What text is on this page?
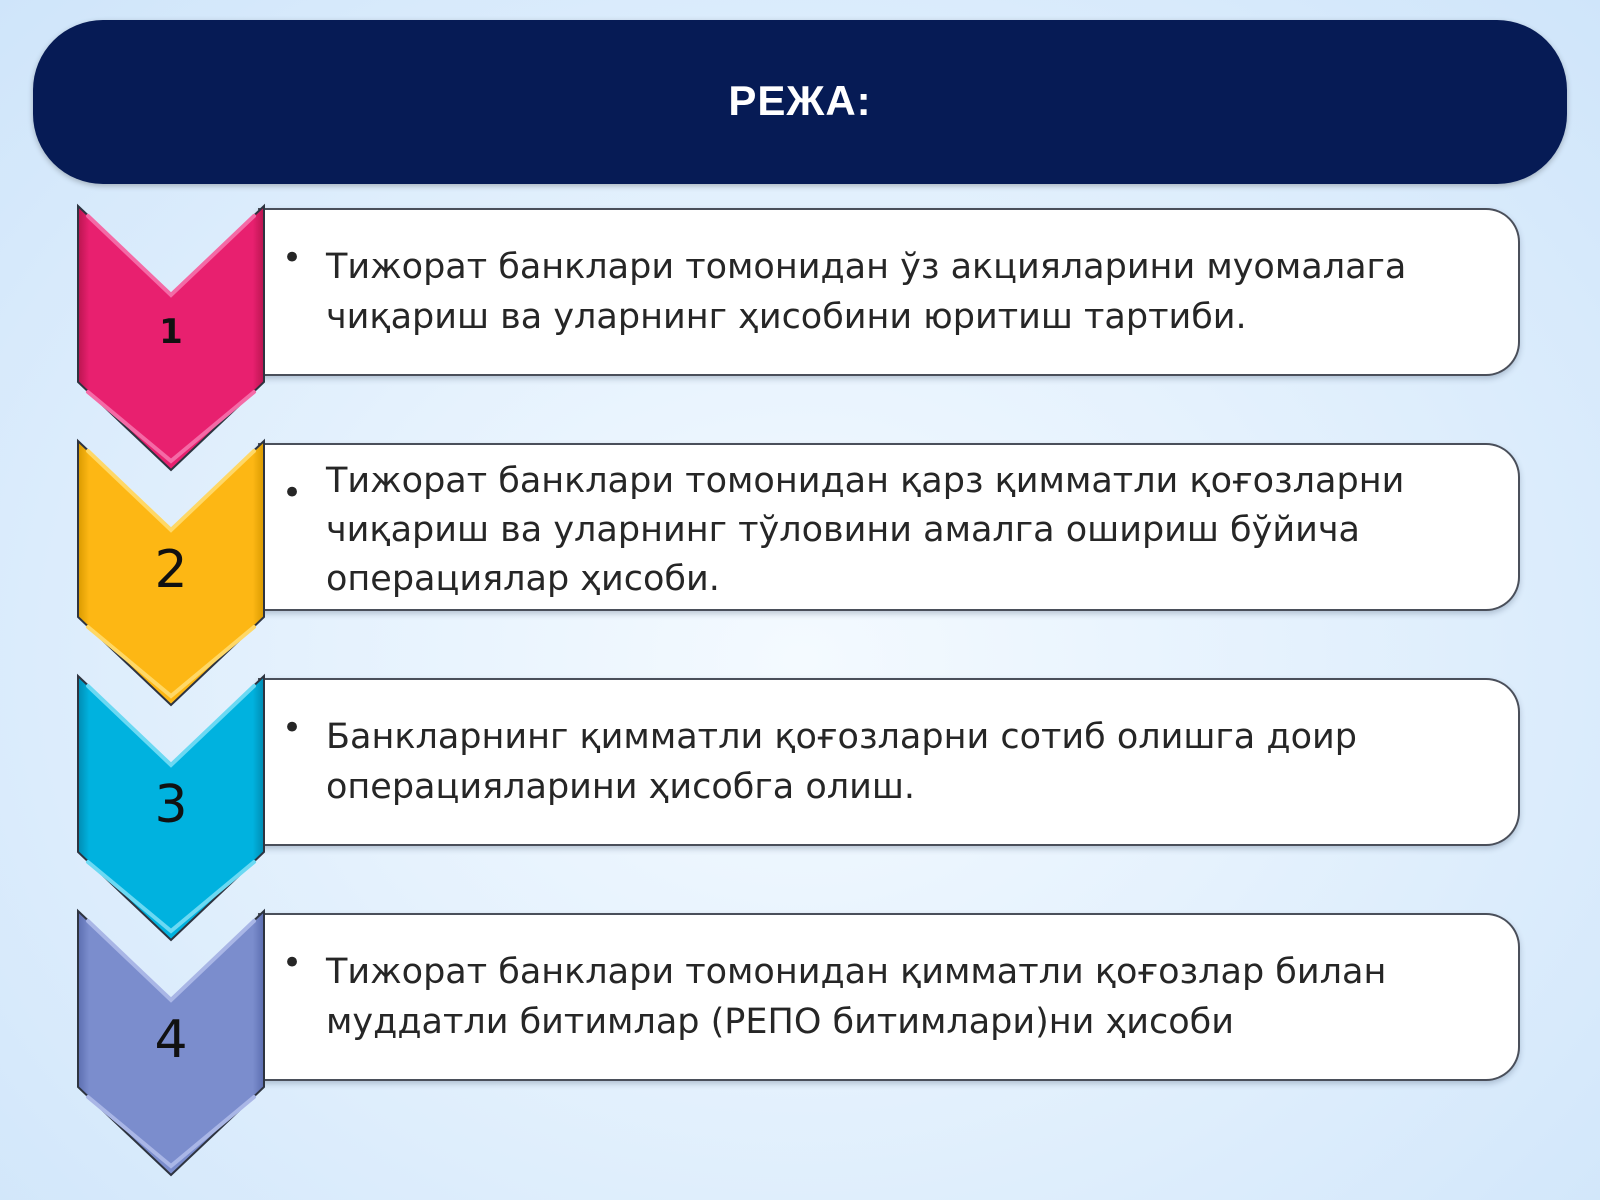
РЕЖА:
• Тижорат банклари томонидан ўз акцияларини муомалага чиқариш ва уларнинг ҳисобини юритиш тартиби.
1
• Тижорат банклари томонидан қарз қимматли қоғозларни чиқариш ва уларнинг тўловини амалга ошириш бўйича операциялар ҳисоби.
2
• Банкларнинг қимматли қоғозларни сотиб олишга доир операцияларини ҳисобга олиш.
3
• Тижорат банклари томонидан қимматли қоғозлар билан муддатли битимлар (РЕПО битимлари)ни ҳисоби
4
